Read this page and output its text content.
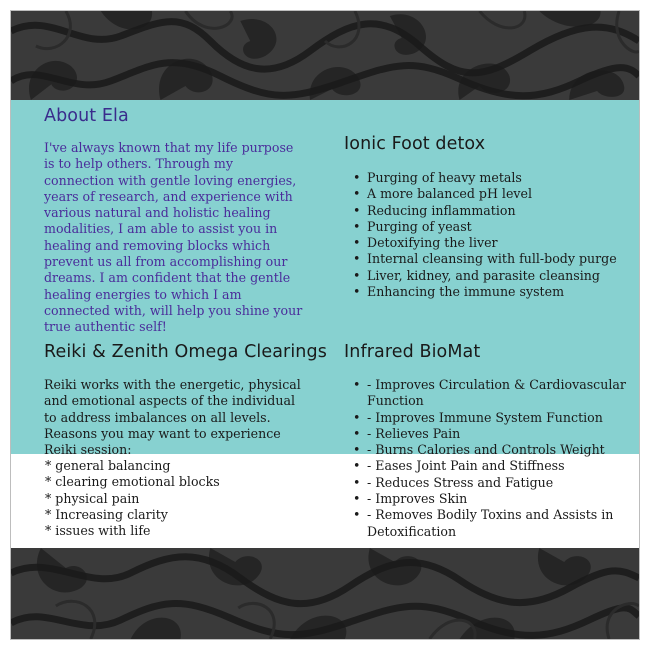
About Ela

I've always known that my life purpose is to help others. Through my connection with gentle loving energies, years of research, and experience with various natural and holistic healing modalities, I am able to assist you in healing and removing blocks which prevent us all from accomplishing our dreams. I am confident that the gentle healing energies to which I am connected with, will help you shine your true authentic self!

Ionic Foot detox
• Purging of heavy metals
• A more balanced pH level
• Reducing inflammation
• Purging of yeast
• Detoxifying the liver
• Internal cleansing with full-body purge
• Liver, kidney, and parasite cleansing
• Enhancing the immune system
Reiki & Zenith Omega Clearings

Reiki works with the energetic, physical and emotional aspects of the individual to address imbalances on all levels. Reasons you may want to experience Reiki session:

* general balancing
* clearing emotional blocks
* physical pain
* Increasing clarity
* issues with life
Infrared BioMat
• - Improves Circulation & Cardiovascular Function
• - Improves Immune System Function
• - Relieves Pain
• - Burns Calories and Controls Weight
• - Eases Joint Pain and Stiffness
• - Reduces Stress and Fatigue
• - Improves Skin
• - Removes Bodily Toxins and Assists in Detoxification
